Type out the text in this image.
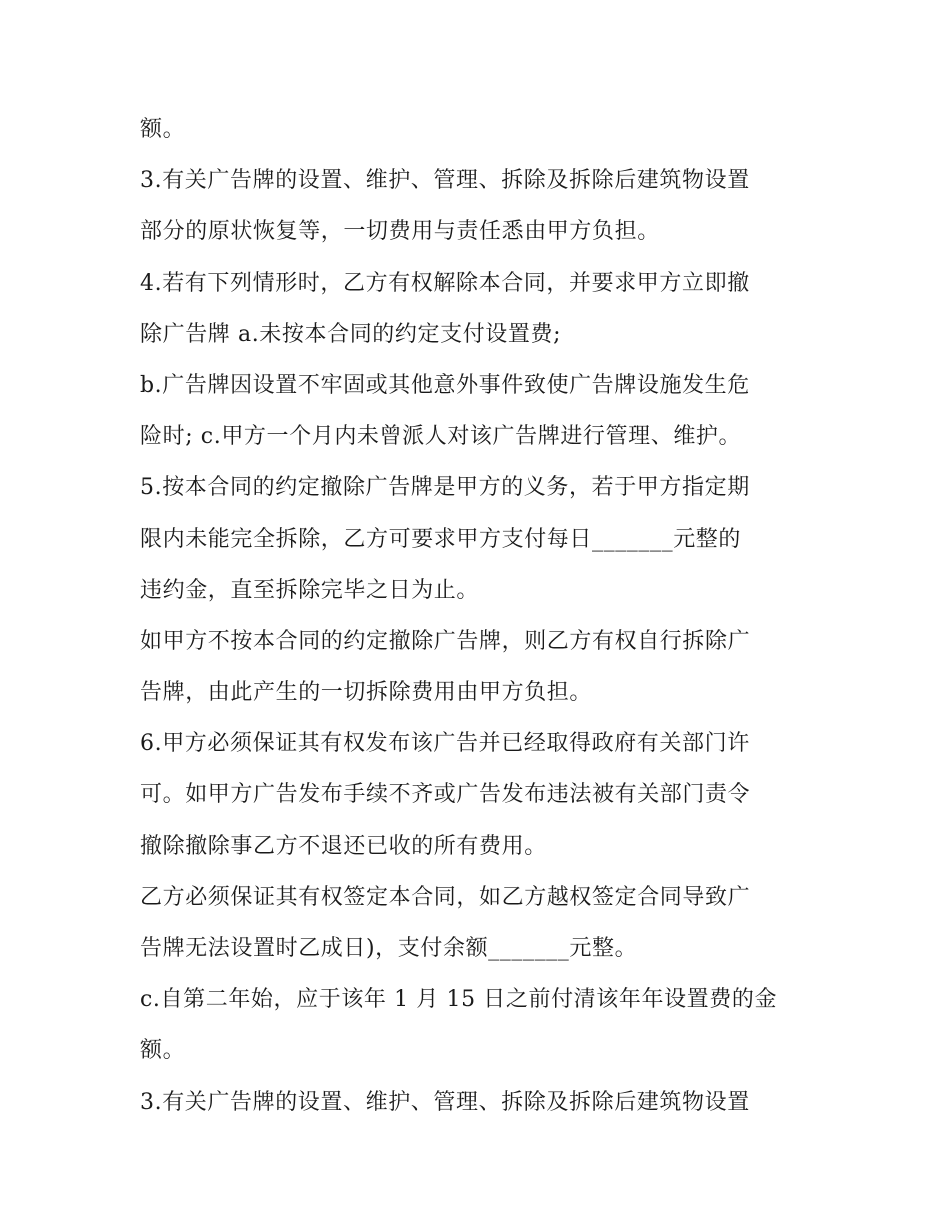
额。
3.有关广告牌的设置、维护、管理、拆除及拆除后建筑物设置
部分的原状恢复等，一切费用与责任悉由甲方负担。
4.若有下列情形时，乙方有权解除本合同，并要求甲方立即撤
除广告牌 a.未按本合同的约定支付设置费;
b.广告牌因设置不牢固或其他意外事件致使广告牌设施发生危
险时; c.甲方一个月内未曾派人对该广告牌进行管理、维护。
5.按本合同的约定撤除广告牌是甲方的义务，若于甲方指定期
限内未能完全拆除，乙方可要求甲方支付每日_______元整的
违约金，直至拆除完毕之日为止。
如甲方不按本合同的约定撤除广告牌，则乙方有权自行拆除广
告牌，由此产生的一切拆除费用由甲方负担。
6.甲方必须保证其有权发布该广告并已经取得政府有关部门许
可。如甲方广告发布手续不齐或广告发布违法被有关部门责令
撤除撤除事乙方不退还已收的所有费用。
乙方必须保证其有权签定本合同，如乙方越权签定合同导致广
告牌无法设置时乙成日)，支付余额_______元整。
c.自第二年始，应于该年 1 月 15 日之前付清该年年设置费的金
额。
3.有关广告牌的设置、维护、管理、拆除及拆除后建筑物设置
